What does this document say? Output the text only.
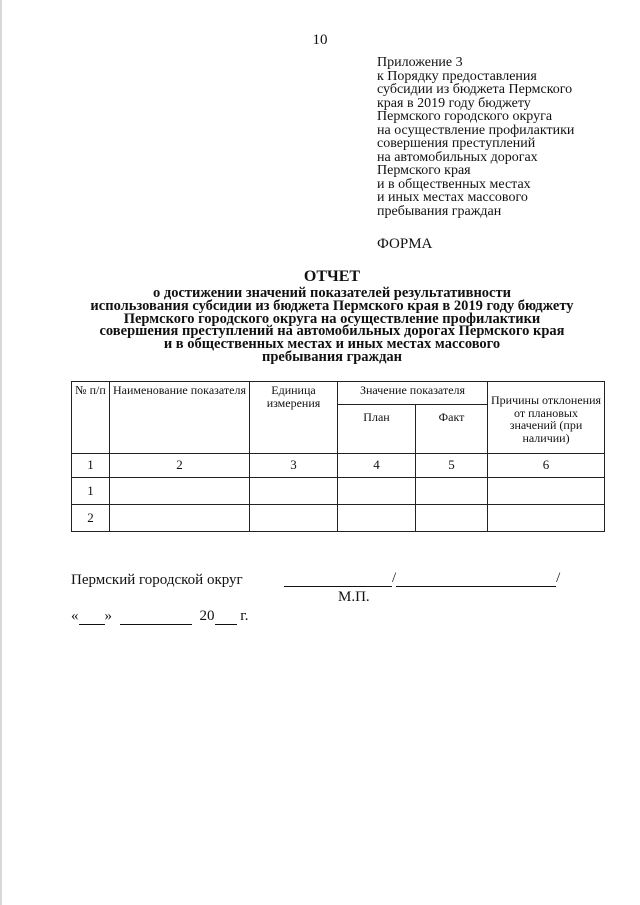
10
Приложение 3
к Порядку предоставления
субсидии из бюджета Пермского
края в 2019 году бюджету
Пермского городского округа
на осуществление профилактики
совершения преступлений
на автомобильных дорогах
Пермского края
и в общественных местах
и иных местах массового
пребывания граждан
ФОРМА
ОТЧЕТ
о достижении значений показателей результативности
использования субсидии из бюджета Пермского края в 2019 году бюджету
Пермского городского округа на осуществление профилактики
совершения преступлений на автомобильных дорогах Пермского края
и в общественных местах и иных местах массового
пребывания граждан
№ п/п	Наименование показателя	Единица измерения	Значение показателя		Причины отклонения от плановых значений (при наличии)
			План	Факт	
1	2	3	4	5	6
1					
2					
Пермский городской округ	/	/
М.П.
« »	20 г.
